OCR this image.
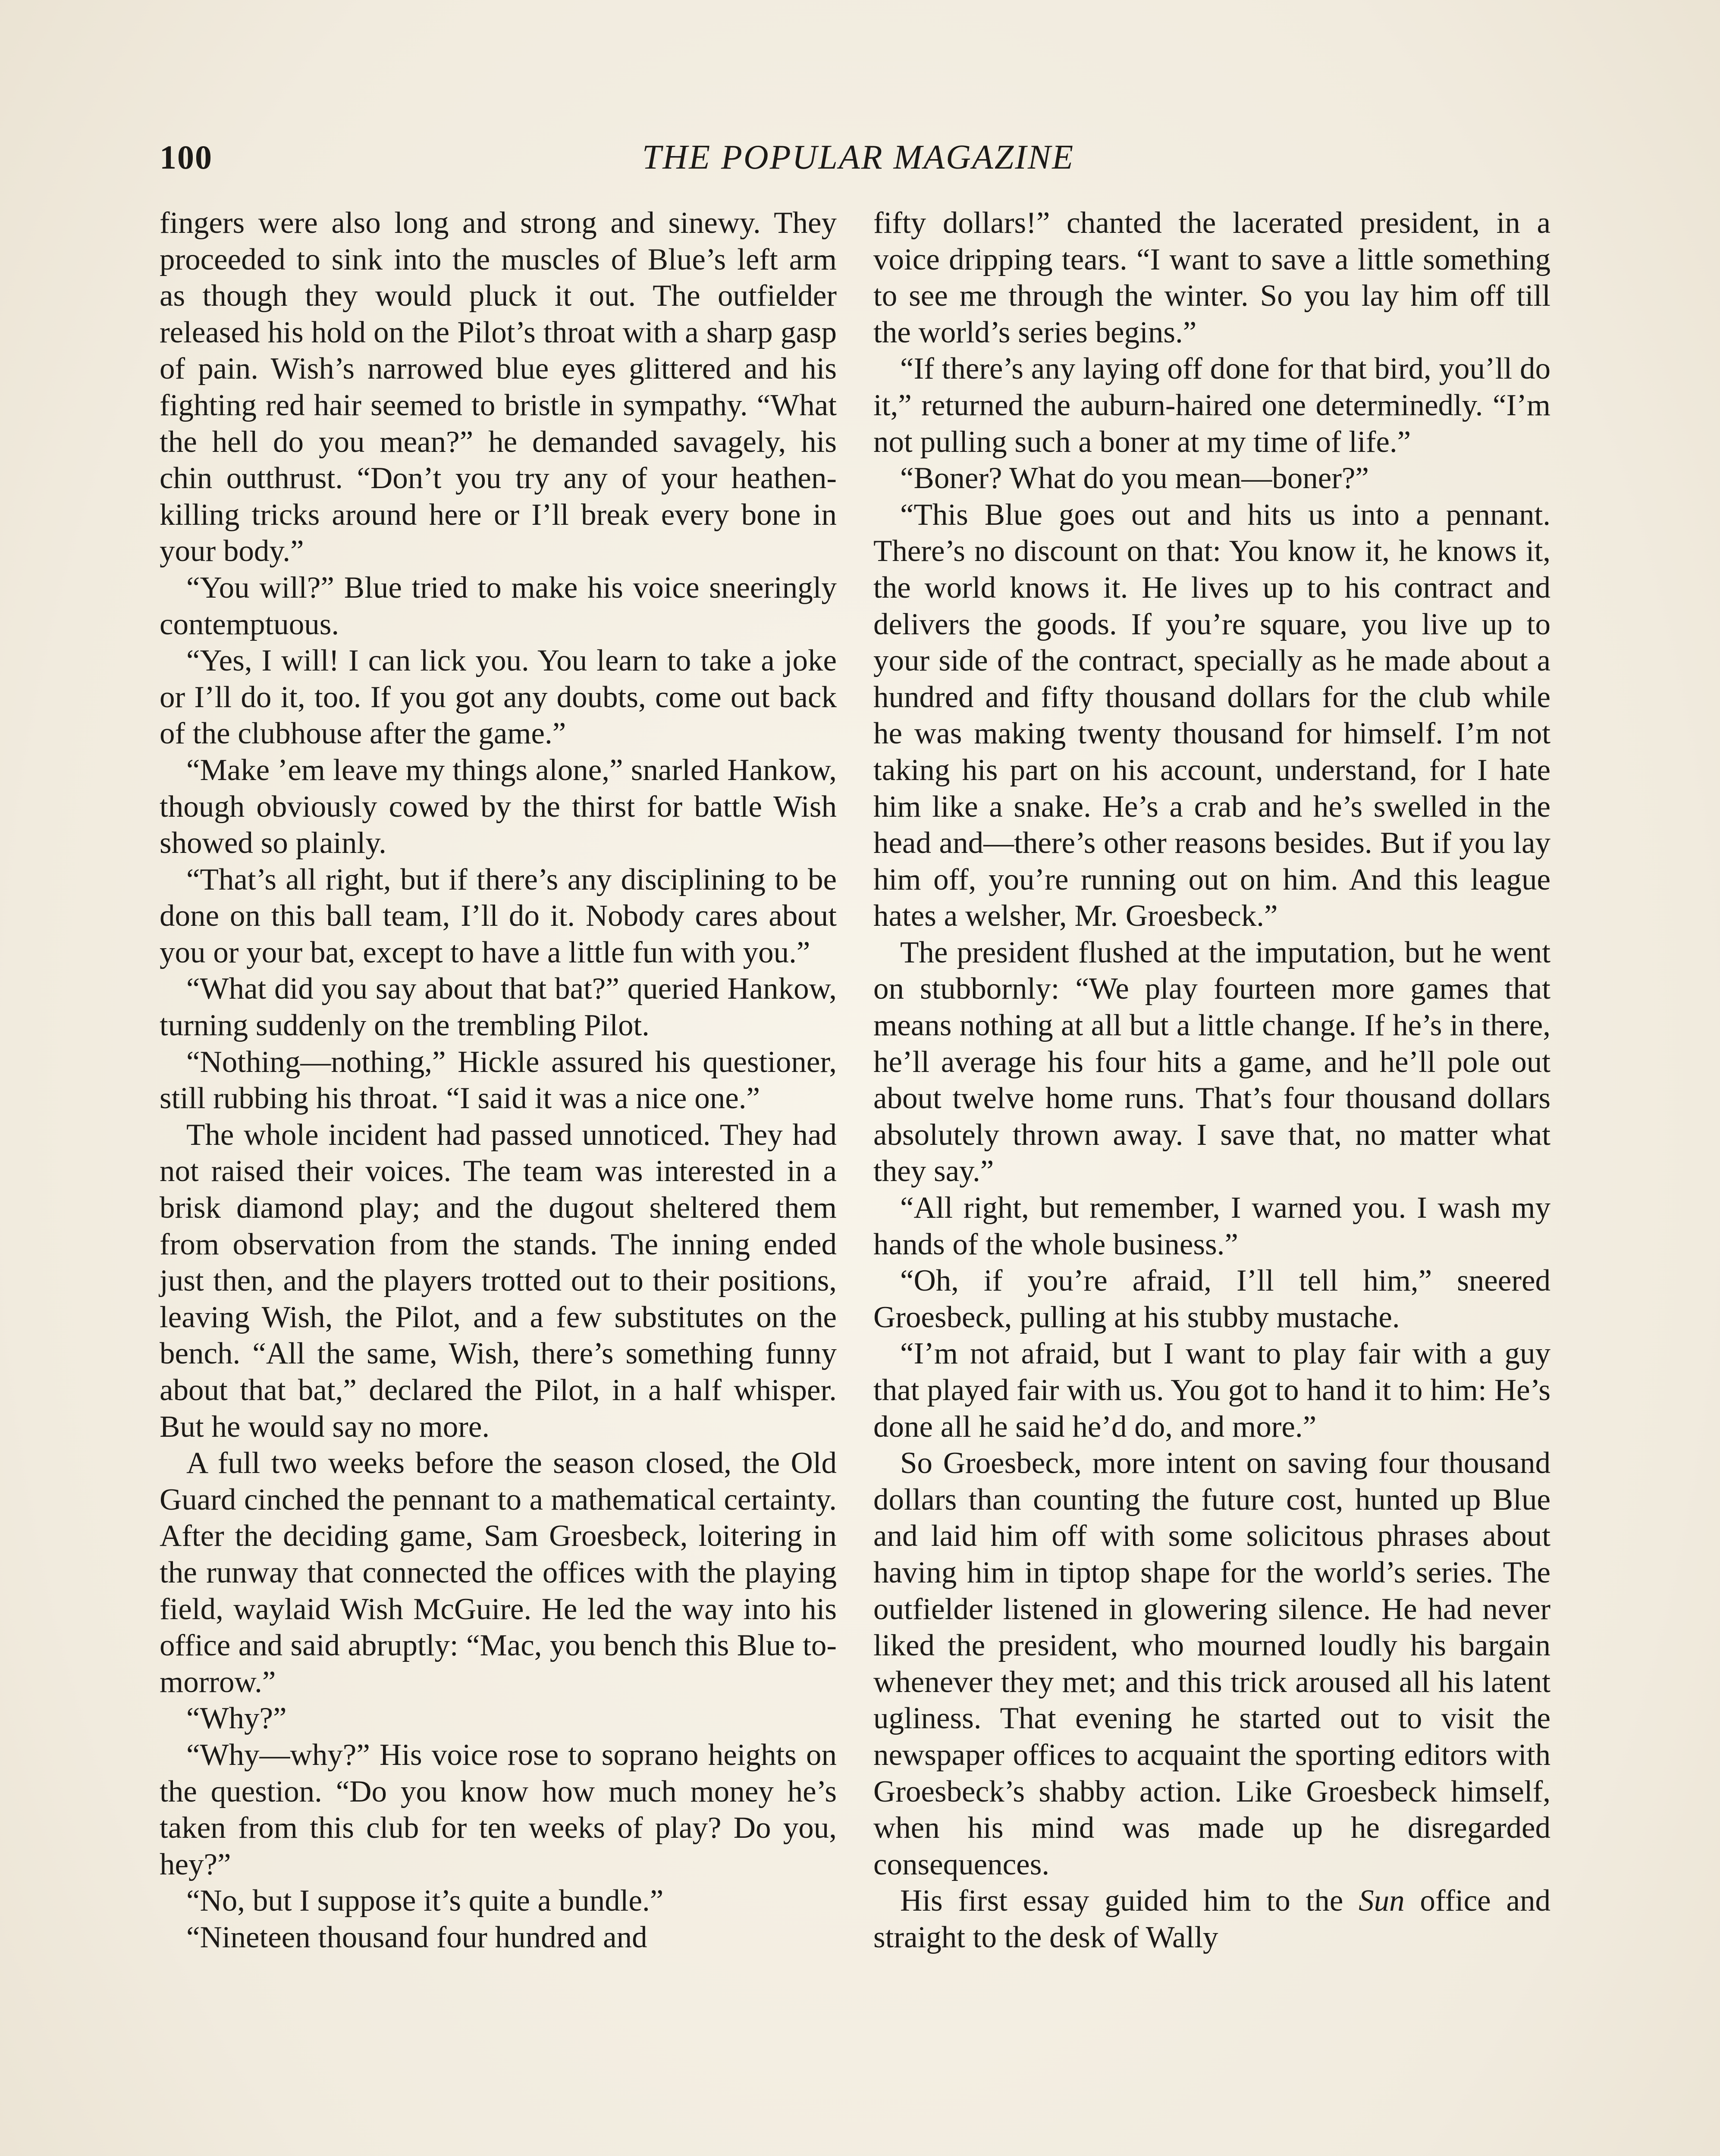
100	THE POPULAR MAGAZINE

fingers were also long and strong and sinewy. They proceeded to sink into the muscles of Blue’s left arm as though they would pluck it out. The outfielder released his hold on the Pilot’s throat with a sharp gasp of pain. Wish’s narrowed blue eyes glittered and his fighting red hair seemed to bristle in sympathy. “What the hell do you mean?” he demanded savagely, his chin outthrust. “Don’t you try any of your heathen-killing tricks around here or I’ll break every bone in your body.”

“You will?” Blue tried to make his voice sneeringly contemptuous.

“Yes, I will! I can lick you. You learn to take a joke or I’ll do it, too. If you got any doubts, come out back of the clubhouse after the game.”

“Make ’em leave my things alone,” snarled Hankow, though obviously cowed by the thirst for battle Wish showed so plainly.

“That’s all right, but if there’s any disciplining to be done on this ball team, I’ll do it. Nobody cares about you or your bat, except to have a little fun with you.”

“What did you say about that bat?” queried Hankow, turning suddenly on the trembling Pilot.

“Nothing—nothing,” Hickle assured his questioner, still rubbing his throat. “I said it was a nice one.”

The whole incident had passed unnoticed. They had not raised their voices. The team was interested in a brisk diamond play; and the dugout sheltered them from observation from the stands. The inning ended just then, and the players trotted out to their positions, leaving Wish, the Pilot, and a few substitutes on the bench. “All the same, Wish, there’s something funny about that bat,” declared the Pilot, in a half whisper. But he would say no more.

A full two weeks before the season closed, the Old Guard cinched the pennant to a mathematical certainty. After the deciding game, Sam Groesbeck, loitering in the runway that connected the offices with the playing field, waylaid Wish McGuire. He led the way into his office and said abruptly: “Mac, you bench this Blue to-morrow.”

“Why?”

“Why—why?” His voice rose to soprano heights on the question. “Do you know how much money he’s taken from this club for ten weeks of play? Do you, hey?”

“No, but I suppose it’s quite a bundle.”

“Nineteen thousand four hundred and

fifty dollars!” chanted the lacerated president, in a voice dripping tears. “I want to save a little something to see me through the winter. So you lay him off till the world’s series begins.”

“If there’s any laying off done for that bird, you’ll do it,” returned the auburn-haired one determinedly. “I’m not pulling such a boner at my time of life.”

“Boner? What do you mean—boner?”

“This Blue goes out and hits us into a pennant. There’s no discount on that: You know it, he knows it, the world knows it. He lives up to his contract and delivers the goods. If you’re square, you live up to your side of the contract, specially as he made about a hundred and fifty thousand dollars for the club while he was making twenty thousand for himself. I’m not taking his part on his account, understand, for I hate him like a snake. He’s a crab and he’s swelled in the head and—there’s other reasons besides. But if you lay him off, you’re running out on him. And this league hates a welsher, Mr. Groesbeck.”

The president flushed at the imputation, but he went on stubbornly: “We play fourteen more games that means nothing at all but a little change. If he’s in there, he’ll average his four hits a game, and he’ll pole out about twelve home runs. That’s four thousand dollars absolutely thrown away. I save that, no matter what they say.”

“All right, but remember, I warned you. I wash my hands of the whole business.”

“Oh, if you’re afraid, I’ll tell him,” sneered Groesbeck, pulling at his stubby mustache.

“I’m not afraid, but I want to play fair with a guy that played fair with us. You got to hand it to him: He’s done all he said he’d do, and more.”

So Groesbeck, more intent on saving four thousand dollars than counting the future cost, hunted up Blue and laid him off with some solicitous phrases about having him in tiptop shape for the world’s series. The outfielder listened in glowering silence. He had never liked the president, who mourned loudly his bargain whenever they met; and this trick aroused all his latent ugliness. That evening he started out to visit the newspaper offices to acquaint the sporting editors with Groesbeck’s shabby action. Like Groesbeck himself, when his mind was made up he disregarded consequences.

His first essay guided him to the Sun office and straight to the desk of Wally
